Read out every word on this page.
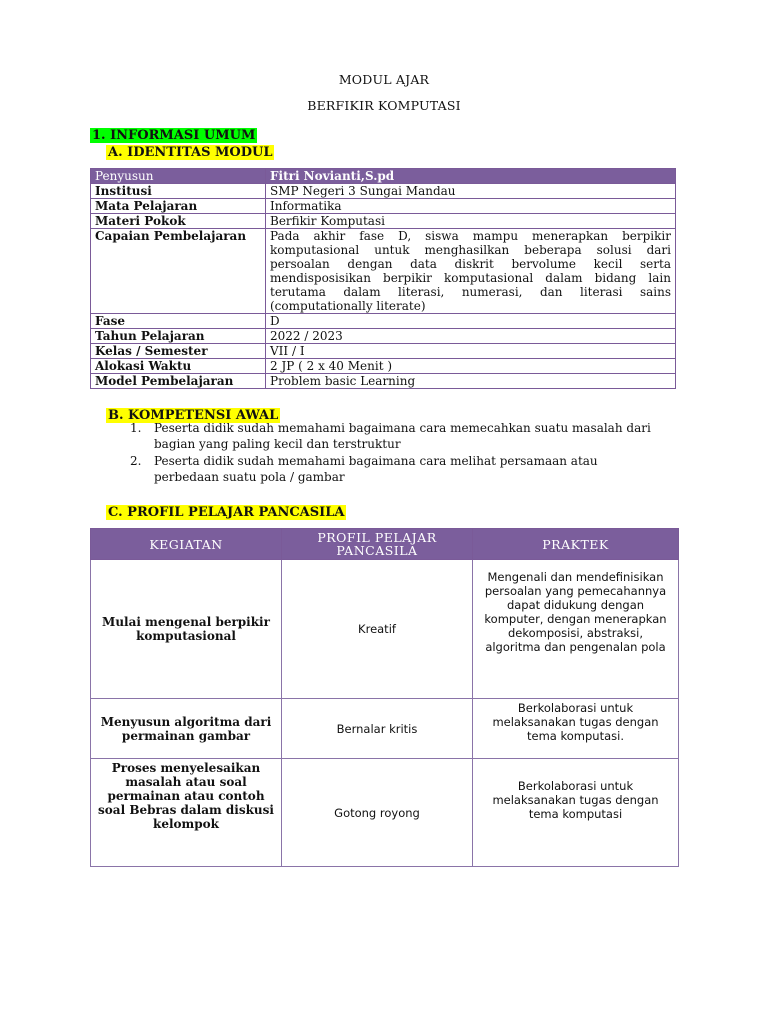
MODUL AJAR
BERFIKIR KOMPUTASI
1. INFORMASI UMUM
A. IDENTITAS MODUL
Penyusun	Fitri Novianti,S.pd
Institusi	SMP Negeri 3 Sungai Mandau
Mata Pelajaran	Informatika
Materi Pokok	Berfikir Komputasi
Capaian Pembelajaran	Pada akhir fase D, siswa mampu menerapkan berpikir komputasional untuk menghasilkan beberapa solusi dari persoalan dengan data diskrit bervolume kecil serta mendisposisikan berpikir komputasional dalam bidang lain terutama dalam literasi, numerasi, dan literasi sains (computationally literate)
Fase	D
Tahun Pelajaran	2022 / 2023
Kelas / Semester	VII / I
Alokasi Waktu	2 JP ( 2 x 40 Menit )
Model Pembelajaran	Problem basic Learning
B. KOMPETENSI AWAL
1. Peserta didik sudah memahami bagaimana cara memecahkan suatu masalah dari bagian yang paling kecil dan terstruktur
2. Peserta didik sudah memahami bagaimana cara melihat persamaan atau perbedaan suatu pola / gambar
C. PROFIL PELAJAR PANCASILA
KEGIATAN	PROFIL PELAJAR PANCASILA	PRAKTEK
Mulai mengenal berpikir komputasional	Kreatif	Mengenali dan mendefinisikan persoalan yang pemecahannya dapat didukung dengan komputer, dengan menerapkan dekomposisi, abstraksi, algoritma dan pengenalan pola
Menyusun algoritma dari permainan gambar	Bernalar kritis	Berkolaborasi untuk melaksanakan tugas dengan tema komputasi.
Proses menyelesaikan masalah atau soal permainan atau contoh soal Bebras dalam diskusi kelompok	Gotong royong	Berkolaborasi untuk melaksanakan tugas dengan tema komputasi
